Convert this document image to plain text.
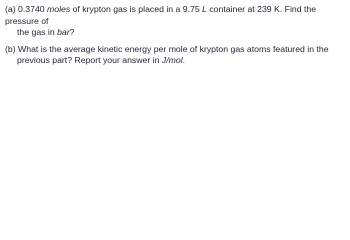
(a) 0.3740 moles of krypton gas is placed in a 9.75 L container at 239 K. Find the pressure of
the gas in bar?

(b) What is the average kinetic energy per mole of krypton gas atoms featured in the
previous part? Report your answer in J/mol.
